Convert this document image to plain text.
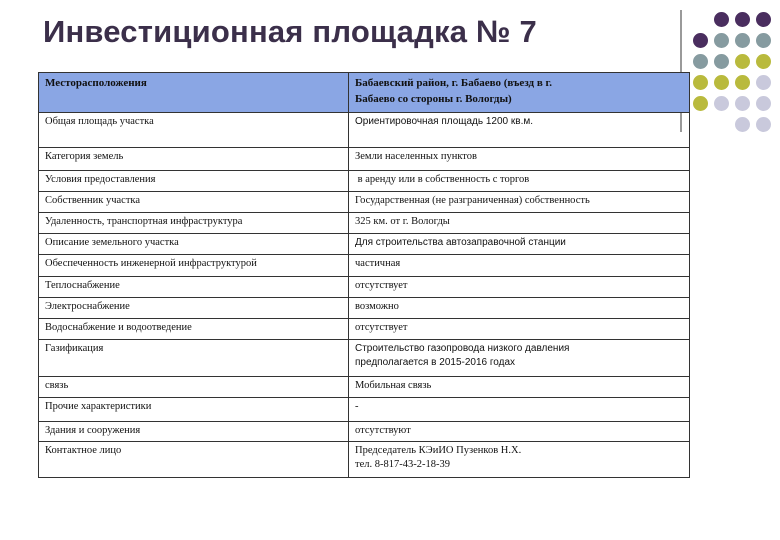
Инвестиционная площадка № 7
Месторасположения	Бабаевский район, г. Бабаево (въезд в г.
Бабаево со стороны г. Вологды)
Общая площадь участка	Ориентировочная площадь 1200 кв.м.
Категория земель	Земли населенных пунктов
Условия предоставления	в аренду или в собственность с торгов
Собственник участка	Государственная (не разграниченная) собственность
Удаленность, транспортная инфраструктура	325 км. от г. Вологды
Описание земельного участка	Для строительства автозаправочной станции
Обеспеченность инженерной инфраструктурой	частичная
Теплоснабжение	отсутствует
Электроснабжение	возможно
Водоснабжение и водоотведение	отсутствует
Газификация	Строительство газопровода низкого давления
предполагается в 2015-2016 годах
связь	Мобильная связь
Прочие характеристики	-
Здания и сооружения	отсутствуют
Контактное лицо	Председатель КЭиИО Пузенков Н.Х.
тел. 8-817-43-2-18-39
